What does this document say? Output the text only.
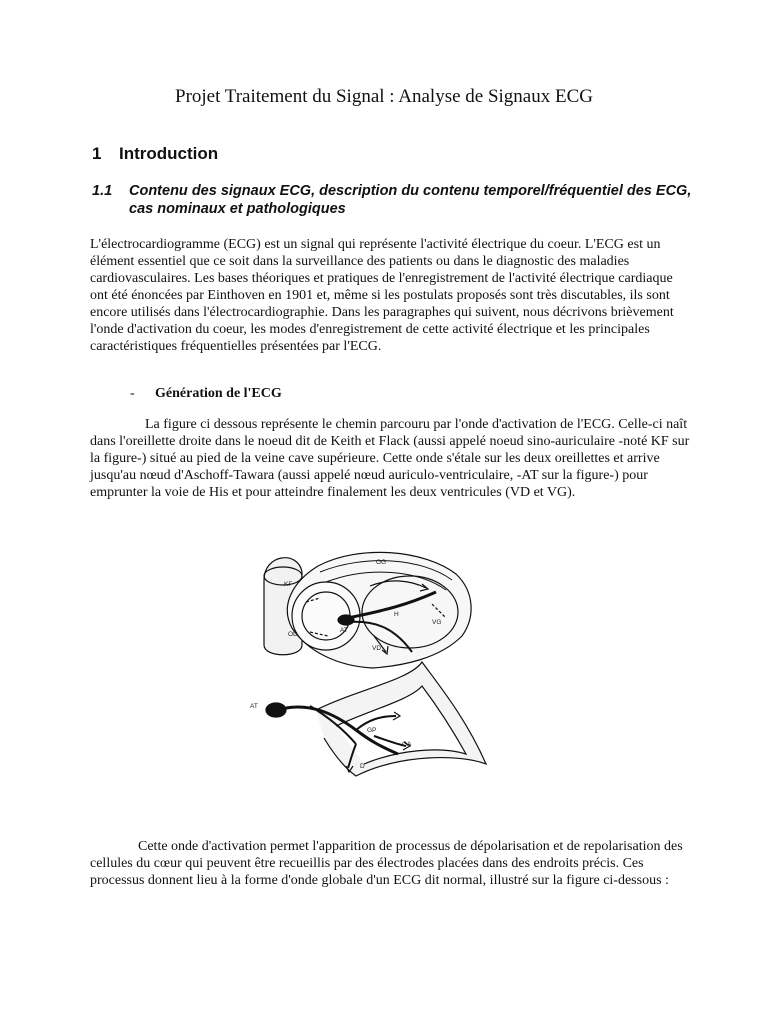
Projet Traitement du Signal : Analyse de Signaux ECG
1 Introduction
1.1 Contenu des signaux ECG, description du contenu temporel/fréquentiel des ECG, cas nominaux et pathologiques

L'électrocardiogramme (ECG) est un signal qui représente l'activité électrique du coeur. L'ECG est un élément essentiel que ce soit dans la surveillance des patients ou dans le diagnostic des maladies cardiovasculaires. Les bases théoriques et pratiques de l'enregistrement de l'activité électrique cardiaque ont été énoncées par Einthoven en 1901 et, même si les postulats proposés sont très discutables, ils sont encore utilisés dans l'électrocardiographie. Dans les paragraphes qui suivent, nous décrivons brièvement l'onde d'activation du coeur, les modes d'enregistrement de cette activité électrique et les principales caractéristiques fréquentielles présentées par l'ECG.

- Génération de l'ECG

La figure ci dessous représente le chemin parcouru par l'onde d'activation de l'ECG. Celle-ci naît dans l'oreillette droite dans le noeud dit de Keith et Flack (aussi appelé noeud sino-auriculaire -noté KF sur la figure-) situé au pied de la veine cave supérieure. Cette onde s'étale sur les deux oreillettes et arrive jusqu'au nœud d'Aschoff-Tawara (aussi appelé nœud auriculo-ventriculaire, -AT sur la figure-) pour emprunter la voie de His et pour atteindre finalement les deux ventricules (VD et VG).

KF
OG
OD
AT
H
VG
VD
AT
GP
GA
D

Cette onde d'activation permet l'apparition de processus de dépolarisation et de repolarisation des cellules du cœur qui peuvent être recueillis par des électrodes placées dans des endroits précis. Ces processus donnent lieu à la forme d'onde globale d'un ECG dit normal, illustré sur la figure ci-dessous :
